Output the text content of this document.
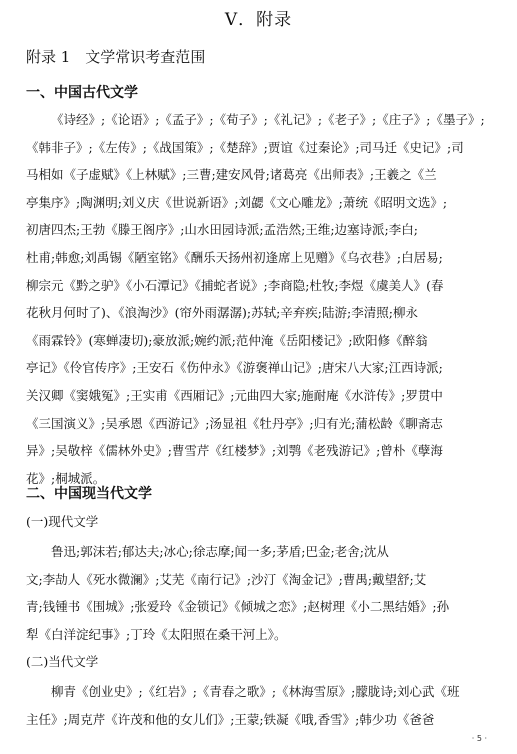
V．附录
附录 1　文学常识考查范围
一、中国古代文学
《诗经》;《论语》;《孟子》;《荀子》;《礼记》;《老子》;《庄子》;《墨子》;
《韩非子》;《左传》;《战国策》;《楚辞》;贾谊《过秦论》;司马迁《史记》;司
马相如《子虚赋》《上林赋》;三曹;建安风骨;诸葛亮《出师表》;王羲之《兰
亭集序》;陶渊明;刘义庆《世说新语》;刘勰《文心雕龙》;萧统《昭明文选》;
初唐四杰;王勃《滕王阁序》;山水田园诗派;孟浩然;王维;边塞诗派;李白;
杜甫;韩愈;刘禹锡《陋室铭》《酬乐天扬州初逢席上见赠》《乌衣巷》;白居易;
柳宗元《黔之驴》《小石潭记》《捕蛇者说》;李商隐;杜牧;李煜《虞美人》(春
花秋月何时了)、《浪淘沙》(帘外雨潺潺);苏轼;辛弃疾;陆游;李清照;柳永
《雨霖铃》(寒蝉凄切);豪放派;婉约派;范仲淹《岳阳楼记》;欧阳修《醉翁
亭记》《伶官传序》;王安石《伤仲永》《游褒禅山记》;唐宋八大家;江西诗派;
关汉卿《窦娥冤》;王实甫《西厢记》;元曲四大家;施耐庵《水浒传》;罗贯中
《三国演义》;吴承恩《西游记》;汤显祖《牡丹亭》;归有光;蒲松龄《聊斋志
异》;吴敬梓《儒林外史》;曹雪芹《红楼梦》;刘鹗《老残游记》;曾朴《孽海
花》;桐城派。
二、中国现当代文学
(一)现代文学
鲁迅;郭沫若;郁达夫;冰心;徐志摩;闻一多;茅盾;巴金;老舍;沈从
文;李劼人《死水微澜》;艾芜《南行记》;沙汀《淘金记》;曹禺;戴望舒;艾
青;钱锺书《围城》;张爱玲《金锁记》《倾城之恋》;赵树理《小二黑结婚》;孙
犁《白洋淀纪事》;丁玲《太阳照在桑干河上》。
(二)当代文学
柳青《创业史》;《红岩》;《青春之歌》;《林海雪原》;朦胧诗;刘心武《班
主任》;周克芹《许茂和他的女儿们》;王蒙;铁凝《哦,香雪》;韩少功《爸爸
· 5 ·
